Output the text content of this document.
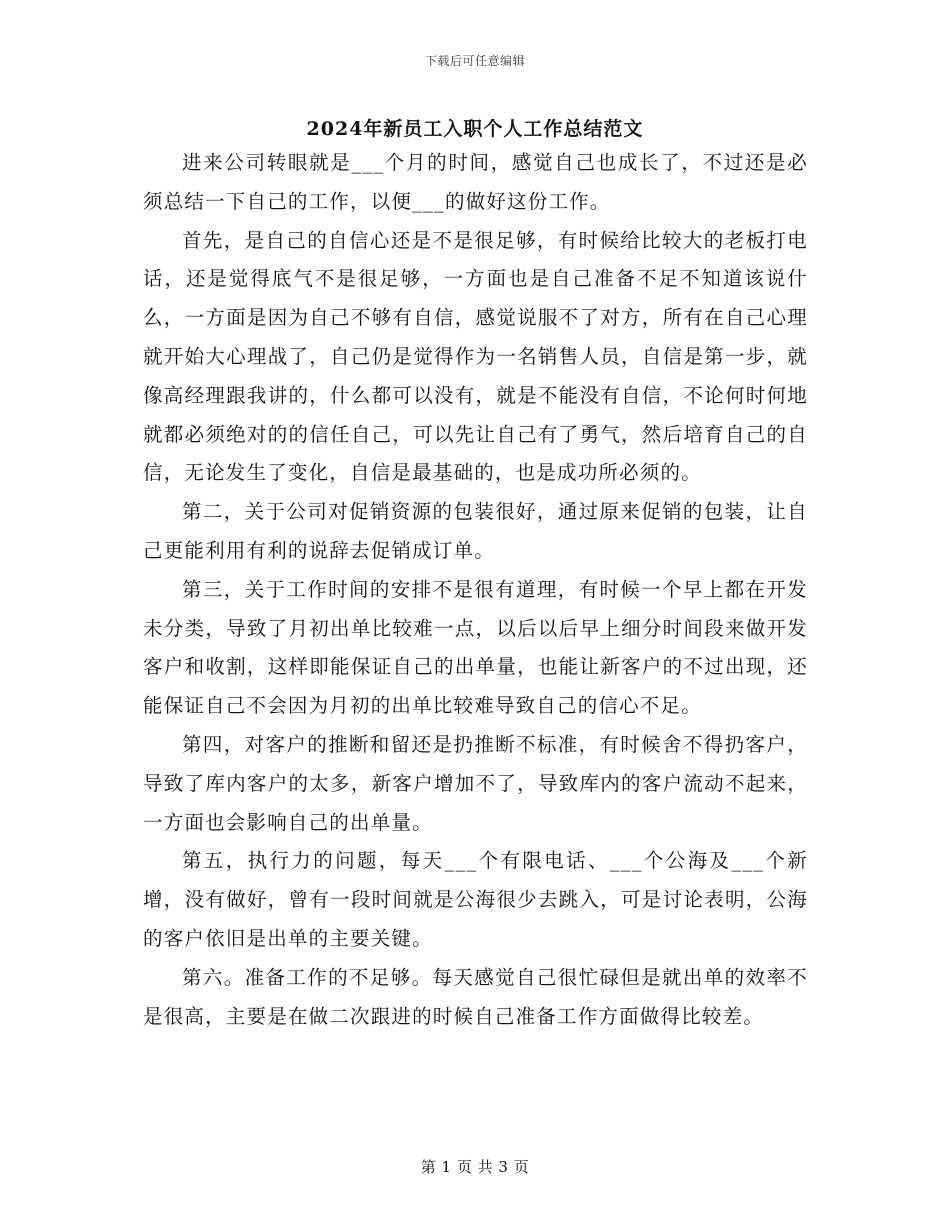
下载后可任意编辑
2024年新员工入职个人工作总结范文

进来公司转眼就是___个月的时间，感觉自己也成长了，不过还是必须总结一下自己的工作，以便___的做好这份工作。

首先，是自己的自信心还是不是很足够，有时候给比较大的老板打电话，还是觉得底气不是很足够，一方面也是自己准备不足不知道该说什么，一方面是因为自己不够有自信，感觉说服不了对方，所有在自己心理就开始大心理战了，自己仍是觉得作为一名销售人员，自信是第一步，就像高经理跟我讲的，什么都可以没有，就是不能没有自信，不论何时何地就都必须绝对的的信任自己，可以先让自己有了勇气，然后培育自己的自信，无论发生了变化，自信是最基础的，也是成功所必须的。

第二，关于公司对促销资源的包装很好，通过原来促销的包装，让自己更能利用有利的说辞去促销成订单。

第三，关于工作时间的安排不是很有道理，有时候一个早上都在开发未分类，导致了月初出单比较难一点，以后以后早上细分时间段来做开发客户和收割，这样即能保证自己的出单量，也能让新客户的不过出现，还能保证自己不会因为月初的出单比较难导致自己的信心不足。

第四，对客户的推断和留还是扔推断不标准，有时候舍不得扔客户，导致了库内客户的太多，新客户增加不了，导致库内的客户流动不起来，一方面也会影响自己的出单量。

第五，执行力的问题，每天___个有限电话、___个公海及___个新增，没有做好，曾有一段时间就是公海很少去跳入，可是讨论表明，公海的客户依旧是出单的主要关键。

第六。准备工作的不足够。每天感觉自己很忙碌但是就出单的效率不是很高，主要是在做二次跟进的时候自己准备工作方面做得比较差。

第 1 页 共 3 页
